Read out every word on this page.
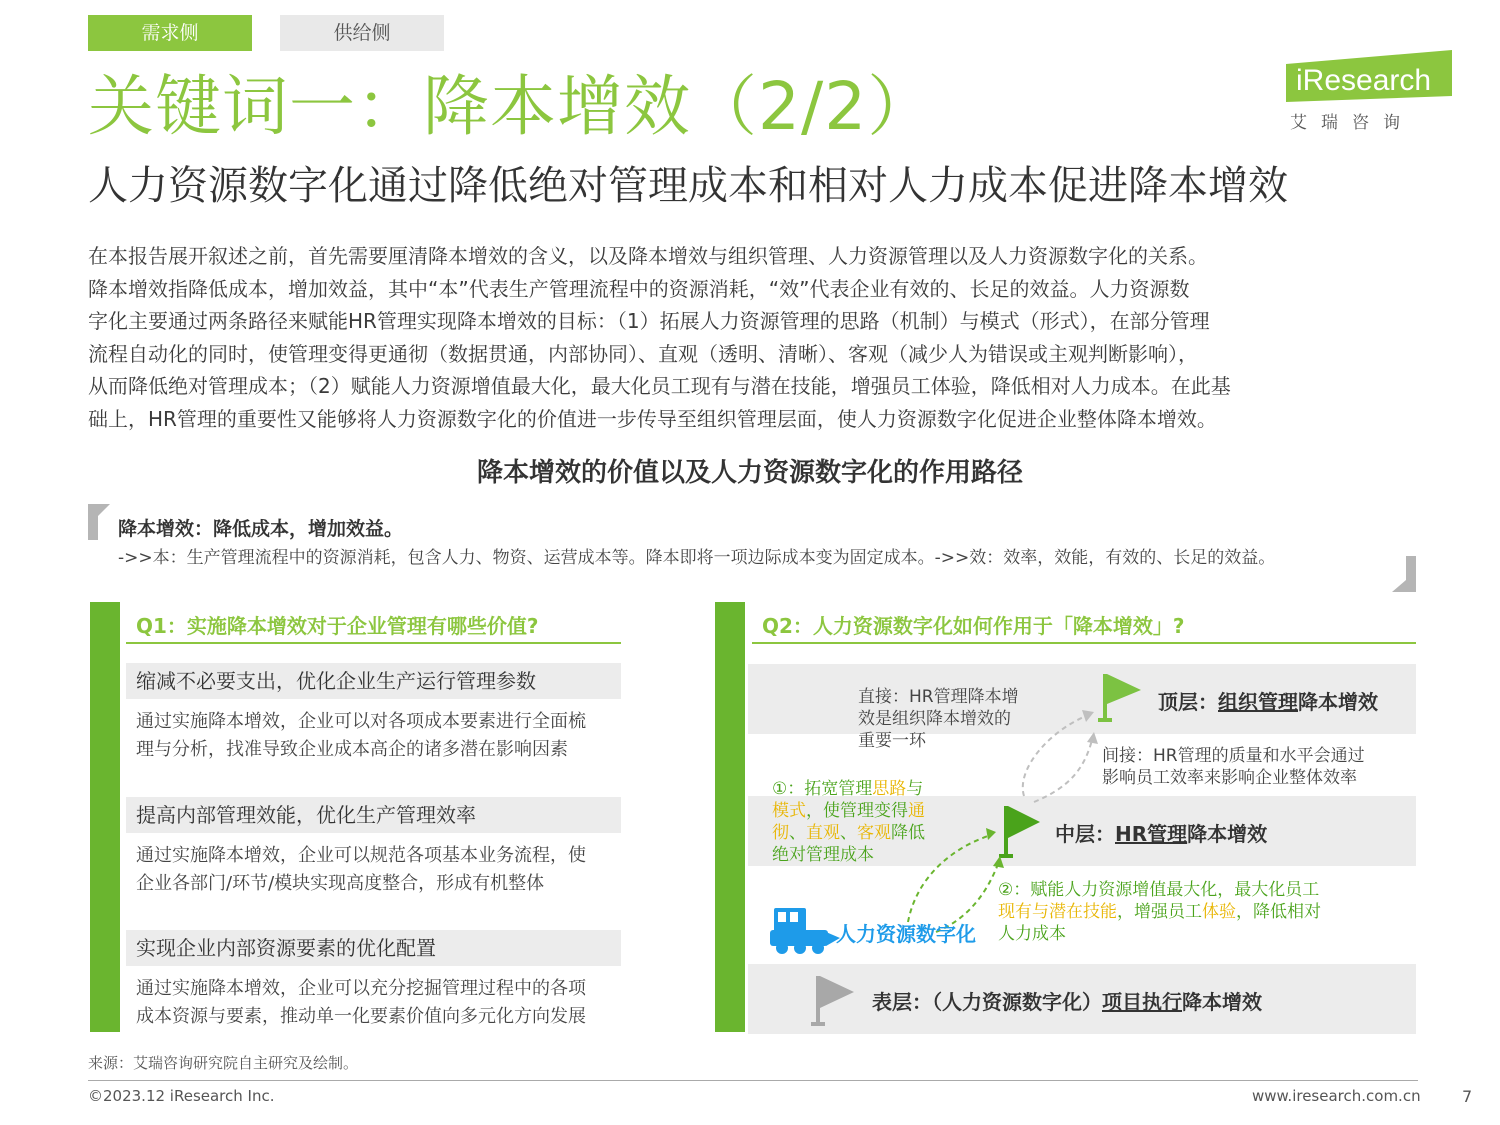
需求侧	供给侧
关键词一：降本增效（2/2）
人力资源数字化通过降低绝对管理成本和相对人力成本促进降本增效
iResearch
艾瑞咨询

在本报告展开叙述之前，首先需要厘清降本增效的含义，以及降本增效与组织管理、人力资源管理以及人力资源数字化的关系。

降本增效指降低成本，增加效益，其中“本”代表生产管理流程中的资源消耗，“效”代表企业有效的、长足的效益。人力资源数

字化主要通过两条路径来赋能HR管理实现降本增效的目标：（1）拓展人力资源管理的思路（机制）与模式（形式），在部分管理

流程自动化的同时，使管理变得更通彻（数据贯通，内部协同）、直观（透明、清晰）、客观（减少人为错误或主观判断影响），

从而降低绝对管理成本；（2）赋能人力资源增值最大化，最大化员工现有与潜在技能，增强员工体验，降低相对人力成本。在此基

础上，HR管理的重要性又能够将人力资源数字化的价值进一步传导至组织管理层面，使人力资源数字化促进企业整体降本增效。

降本增效的价值以及人力资源数字化的作用路径
降本增效：降低成本，增加效益。
->>本：生产管理流程中的资源消耗，包含人力、物资、运营成本等。降本即将一项边际成本变为固定成本。->>效：效率，效能，有效的、长足的效益。
Q1：实施降本增效对于企业管理有哪些价值?
缩减不必要支出，优化企业生产运行管理参数
通过实施降本增效，企业可以对各项成本要素进行全面梳
理与分析，找准导致企业成本高企的诸多潜在影响因素
提高内部管理效能，优化生产管理效率
通过实施降本增效，企业可以规范各项基本业务流程，使
企业各部门/环节/模块实现高度整合，形成有机整体
实现企业内部资源要素的优化配置
通过实施降本增效，企业可以充分挖掘管理过程中的各项
成本资源与要素，推动单一化要素价值向多元化方向发展
Q2：人力资源数字化如何作用于「降本增效」?
顶层：组织管理降本增效
中层：HR管理降本增效
表层：（人力资源数字化）项目执行降本增效
直接：HR管理降本增
效是组织降本增效的
重要一环
间接：HR管理的质量和水平会通过
影响员工效率来影响企业整体效率
①：拓宽管理思路与
模式，使管理变得通
彻、直观、客观降低
绝对管理成本
②：赋能人力资源增值最大化，最大化员工
现有与潜在技能，增强员工体验，降低相对
人力成本
人力资源数字化
来源：艾瑞咨询研究院自主研究及绘制。
©2023.12 iResearch Inc.	www.iresearch.com.cn	7
